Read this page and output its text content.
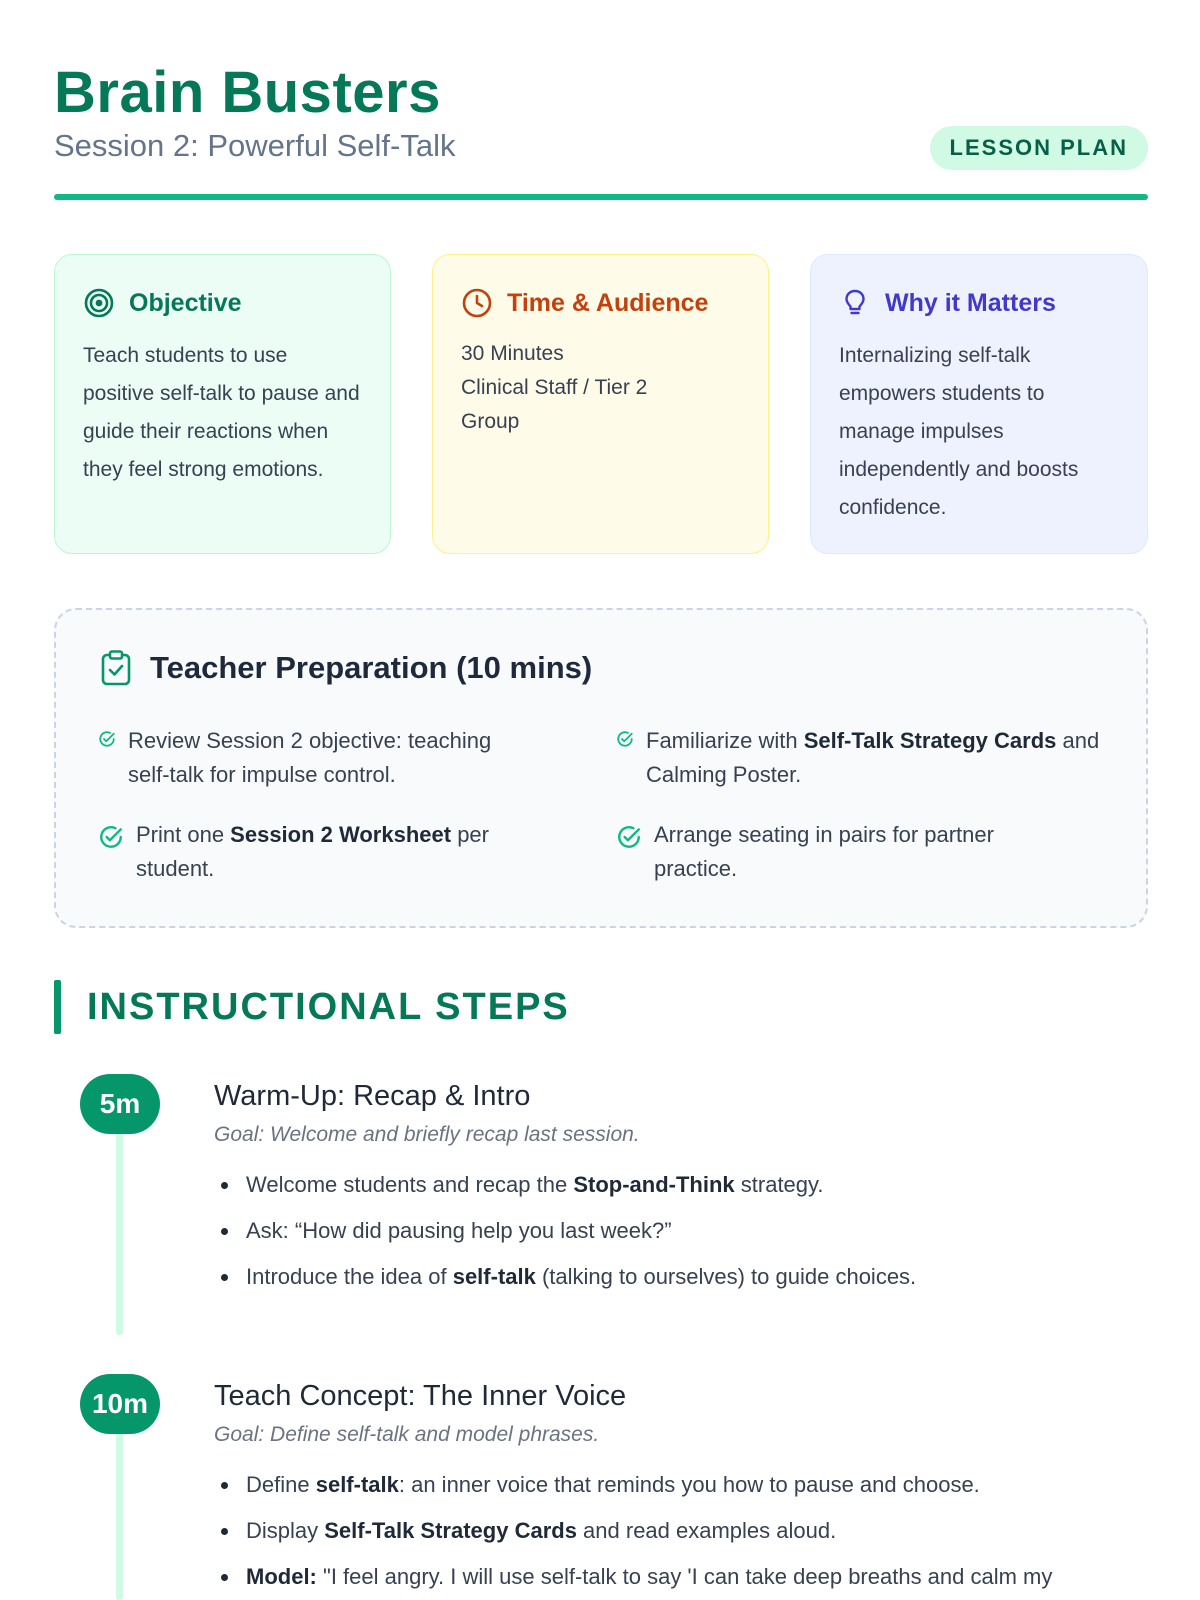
Brain Busters
Session 2: Powerful Self-Talk	LESSON PLAN
Objective
Teach students to use positive self-talk to pause and guide their reactions when they feel strong emotions.
Time & Audience
30 Minutes
Clinical Staff / Tier 2
Group
Why it Matters
Internalizing self-talk empowers students to manage impulses independently and boosts confidence.
Teacher Preparation (10 mins)
Review Session 2 objective: teaching self-talk for impulse control.
Familiarize with Self-Talk Strategy Cards and Calming Poster.
Print one Session 2 Worksheet per student.
Arrange seating in pairs for partner practice.
INSTRUCTIONAL STEPS
5m	Warm-Up: Recap & Intro
Goal: Welcome and briefly recap last session.
Welcome students and recap the Stop-and-Think strategy.
Ask: “How did pausing help you last week?”
Introduce the idea of self-talk (talking to ourselves) to guide choices.
10m	Teach Concept: The Inner Voice
Goal: Define self-talk and model phrases.
Define self-talk: an inner voice that reminds you how to pause and choose.
Display Self-Talk Strategy Cards and read examples aloud.
Model: "I feel angry. I will use self-talk to say 'I can take deep breaths and calm my
